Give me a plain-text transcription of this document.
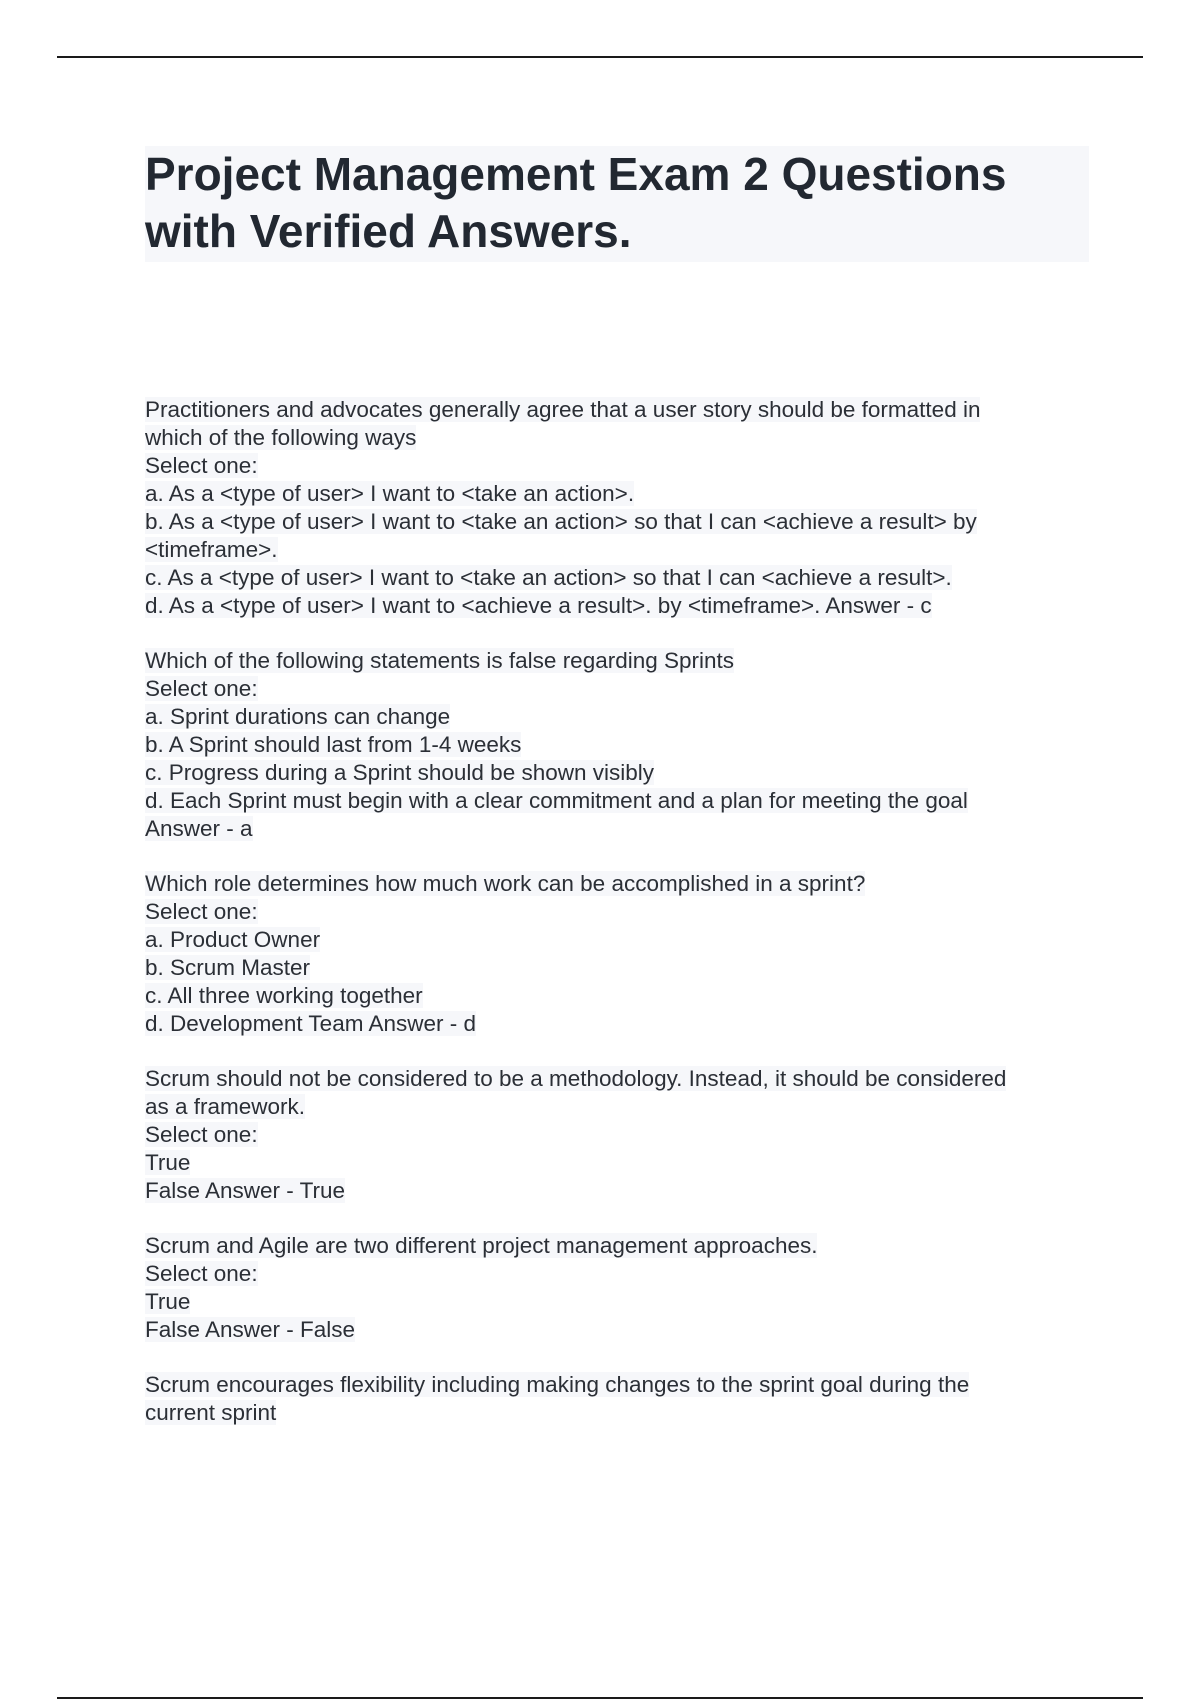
Project Management Exam 2 Questions
with Verified Answers.
Practitioners and advocates generally agree that a user story should be formatted in
which of the following ways
Select one:
a. As a <type of user> I want to <take an action>.
b. As a <type of user> I want to <take an action> so that I can <achieve a result> by
<timeframe>.
c. As a <type of user> I want to <take an action> so that I can <achieve a result>.
d. As a <type of user> I want to <achieve a result>. by <timeframe>. Answer - c
Which of the following statements is false regarding Sprints
Select one:
a. Sprint durations can change
b. A Sprint should last from 1-4 weeks
c. Progress during a Sprint should be shown visibly
d. Each Sprint must begin with a clear commitment and a plan for meeting the goal
Answer - a
Which role determines how much work can be accomplished in a sprint?
Select one:
a. Product Owner
b. Scrum Master
c. All three working together
d. Development Team Answer - d
Scrum should not be considered to be a methodology. Instead, it should be considered
as a framework.
Select one:
True
False Answer - True
Scrum and Agile are two different project management approaches.
Select one:
True
False Answer - False
Scrum encourages flexibility including making changes to the sprint goal during the
current sprint
